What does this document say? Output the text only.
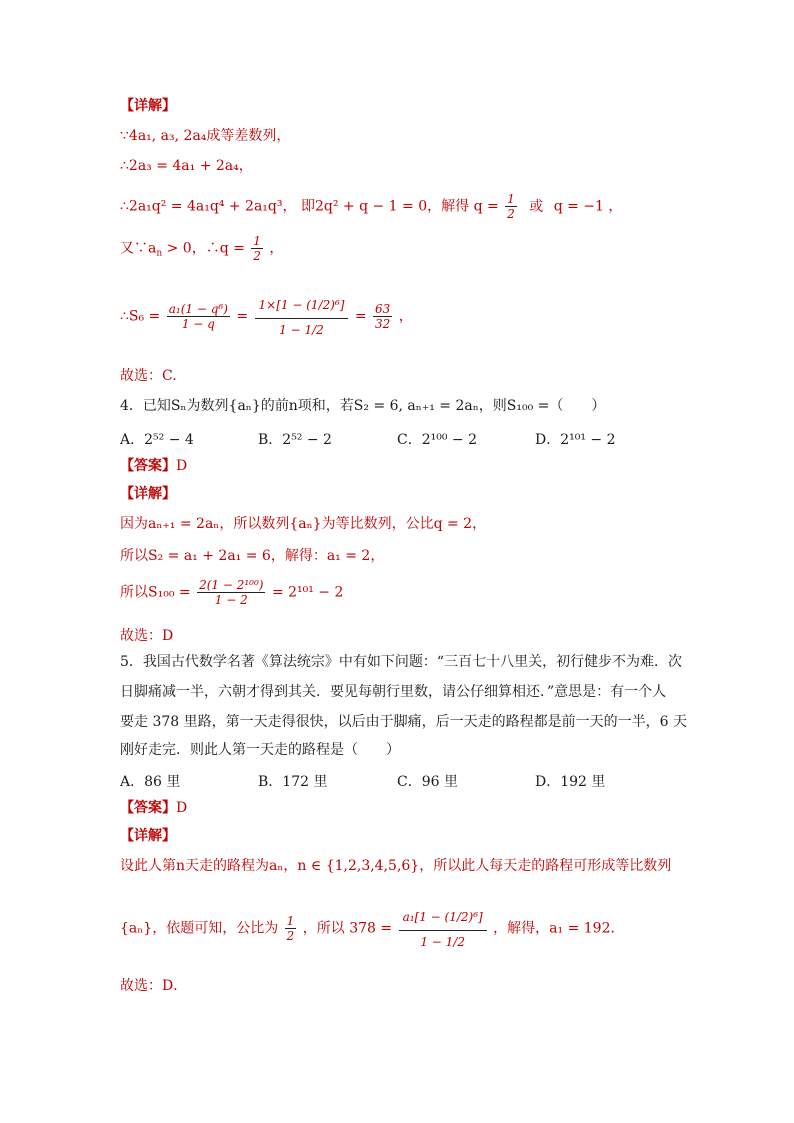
【详解】
∵4a₁, a₃, 2a₄成等差数列，
∴2a₃ = 4a₁ + 2a₄，
∴2a₁q² = 4a₁q⁴ + 2a₁q³， 即2q² + q − 1 = 0，解得 $q = \frac{1}{2}$ 或 q = −1 ，
又$\because a_n > 0$，∴q = $\frac{1}{2}$ ，
∴S₆ = $\frac{\text{a₁(1 − q⁶)}}{1 - q} = \frac{\text{1×[1 − (1/2)⁶]}}{1 - 1/2} = \frac{63}{32}$ ，
故选：C.
4．已知Sₙ为数列{aₙ}的前n项和，若S₂ = 6, aₙ₊₁ = 2aₙ，则S₁₀₀ =（　　）
A．2⁵² − 4	B．2⁵² − 2	C．2¹⁰⁰ − 2	D．2¹⁰¹ − 2
【答案】D
【详解】
因为aₙ₊₁ = 2aₙ，所以数列{aₙ}为等比数列，公比q = 2，
所以S₂ = a₁ + 2a₁ = 6，解得：a₁ = 2，
所以$S_{100} = \frac{\text{2(1 − 2¹⁰⁰)}}{1 - 2} = 2^{101} - 2$
故选：D
5．我国古代数学名著《算法统宗》中有如下问题：“三百七十八里关，初行健步不为难．次
日脚痛减一半，六朝才得到其关．要见每朝行里数，请公仔细算相还．”意思是：有一个人
要走 378 里路，第一天走得很快，以后由于脚痛，后一天走的路程都是前一天的一半，6 天
刚好走完．则此人第一天走的路程是（　　）
A．86 里	B．172 里	C．96 里	D．192 里
【答案】D
【详解】
设此人第n天走的路程为aₙ，n ∈ {1,2,3,4,5,6}，所以此人每天走的路程可形成等比数列
{aₙ}，依题可知，公比为 $\frac{1}{2}$ ，所以 $378 = \frac{\text{a₁[1 − (1/2)⁶]}}{1 - 1/2}$ ，解得，a₁ = 192．
故选：D．
